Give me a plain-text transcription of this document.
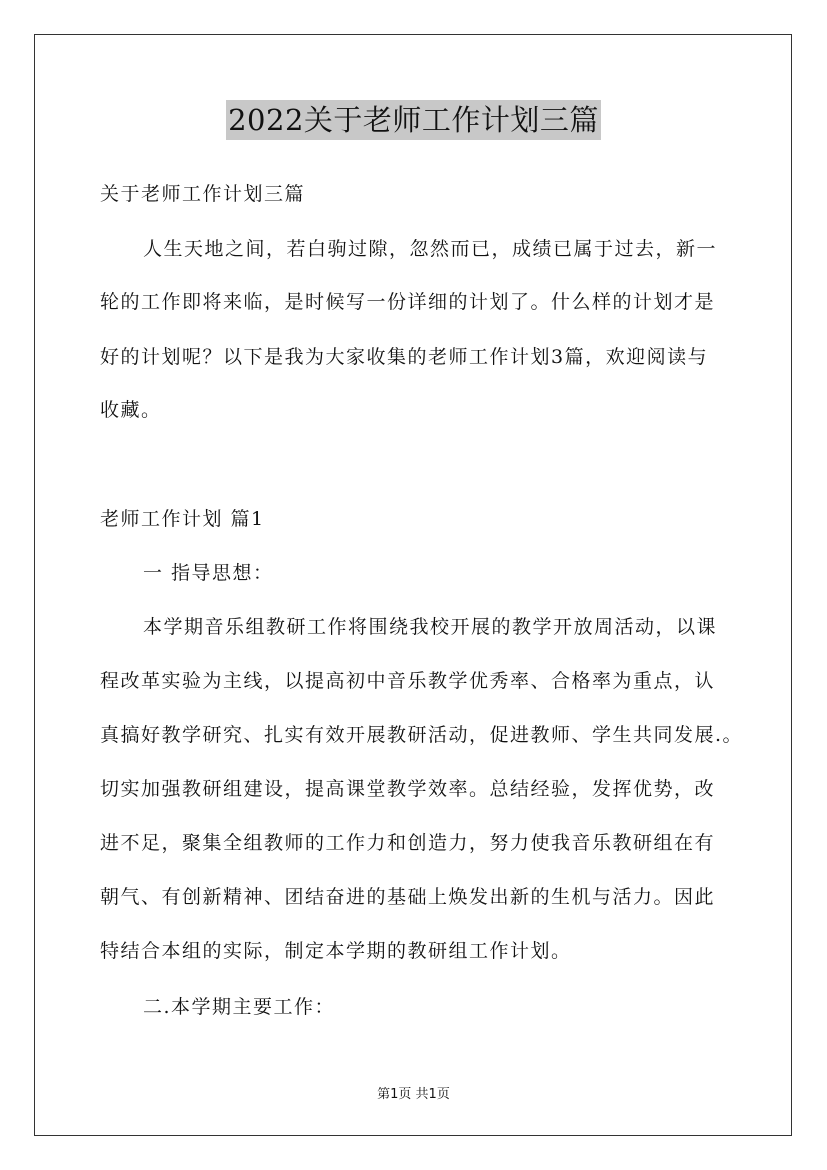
2022关于老师工作计划三篇
关于老师工作计划三篇
人生天地之间，若白驹过隙，忽然而已，成绩已属于过去，新一
轮的工作即将来临，是时候写一份详细的计划了。什么样的计划才是
好的计划呢？以下是我为大家收集的老师工作计划3篇，欢迎阅读与
收藏。
老师工作计划 篇1
一 指导思想：
本学期音乐组教研工作将围绕我校开展的教学开放周活动，以课
程改革实验为主线，以提高初中音乐教学优秀率、合格率为重点，认
真搞好教学研究、扎实有效开展教研活动，促进教师、学生共同发展.。
切实加强教研组建设，提高课堂教学效率。总结经验，发挥优势，改
进不足，聚集全组教师的工作力和创造力，努力使我音乐教研组在有
朝气、有创新精神、团结奋进的基础上焕发出新的生机与活力。因此
特结合本组的实际，制定本学期的教研组工作计划。
二.本学期主要工作：
第1页 共1页
